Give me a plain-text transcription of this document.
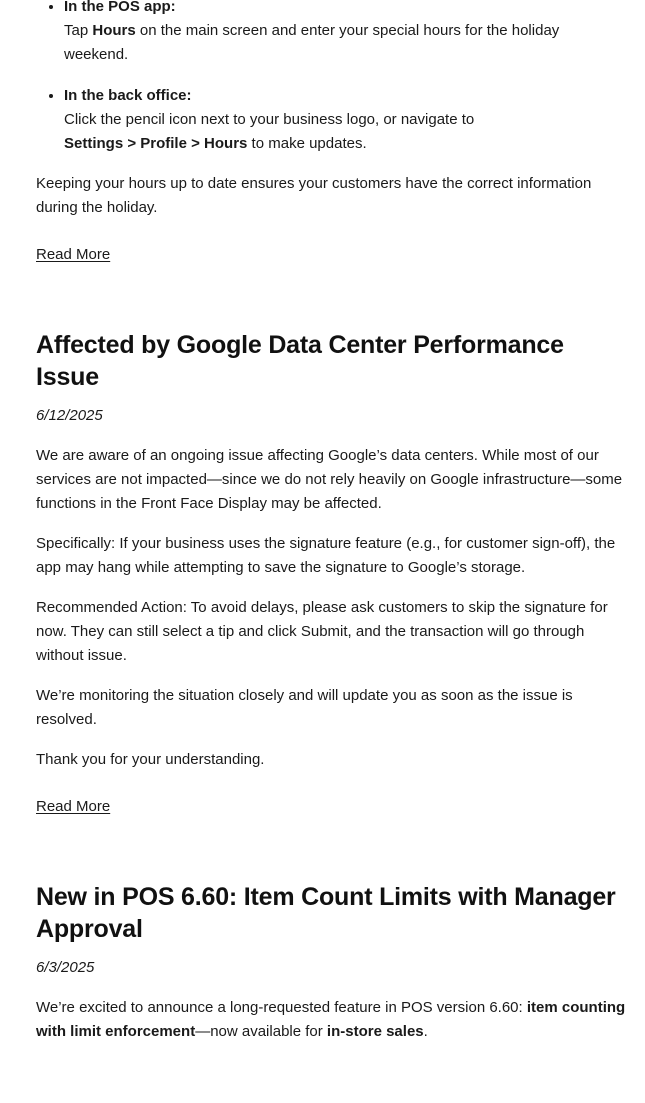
• In the POS app:
Tap Hours on the main screen and enter your special hours for the holiday weekend.
• In the back office:
Click the pencil icon next to your business logo, or navigate to
Settings > Profile > Hours to make updates.

Keeping your hours up to date ensures your customers have the correct information during the holiday.

Read More
Affected by Google Data Center Performance Issue
6/12/2025

We are aware of an ongoing issue affecting Google’s data centers. While most of our services are not impacted—since we do not rely heavily on Google infrastructure—some functions in the Front Face Display may be affected.

Specifically: If your business uses the signature feature (e.g., for customer sign-off), the app may hang while attempting to save the signature to Google’s storage.

Recommended Action: To avoid delays, please ask customers to skip the signature for now. They can still select a tip and click Submit, and the transaction will go through without issue.

We’re monitoring the situation closely and will update you as soon as the issue is resolved.

Thank you for your understanding.

Read More
New in POS 6.60: Item Count Limits with Manager Approval
6/3/2025

We’re excited to announce a long-requested feature in POS version 6.60: item counting with limit enforcement—now available for in-store sales.
